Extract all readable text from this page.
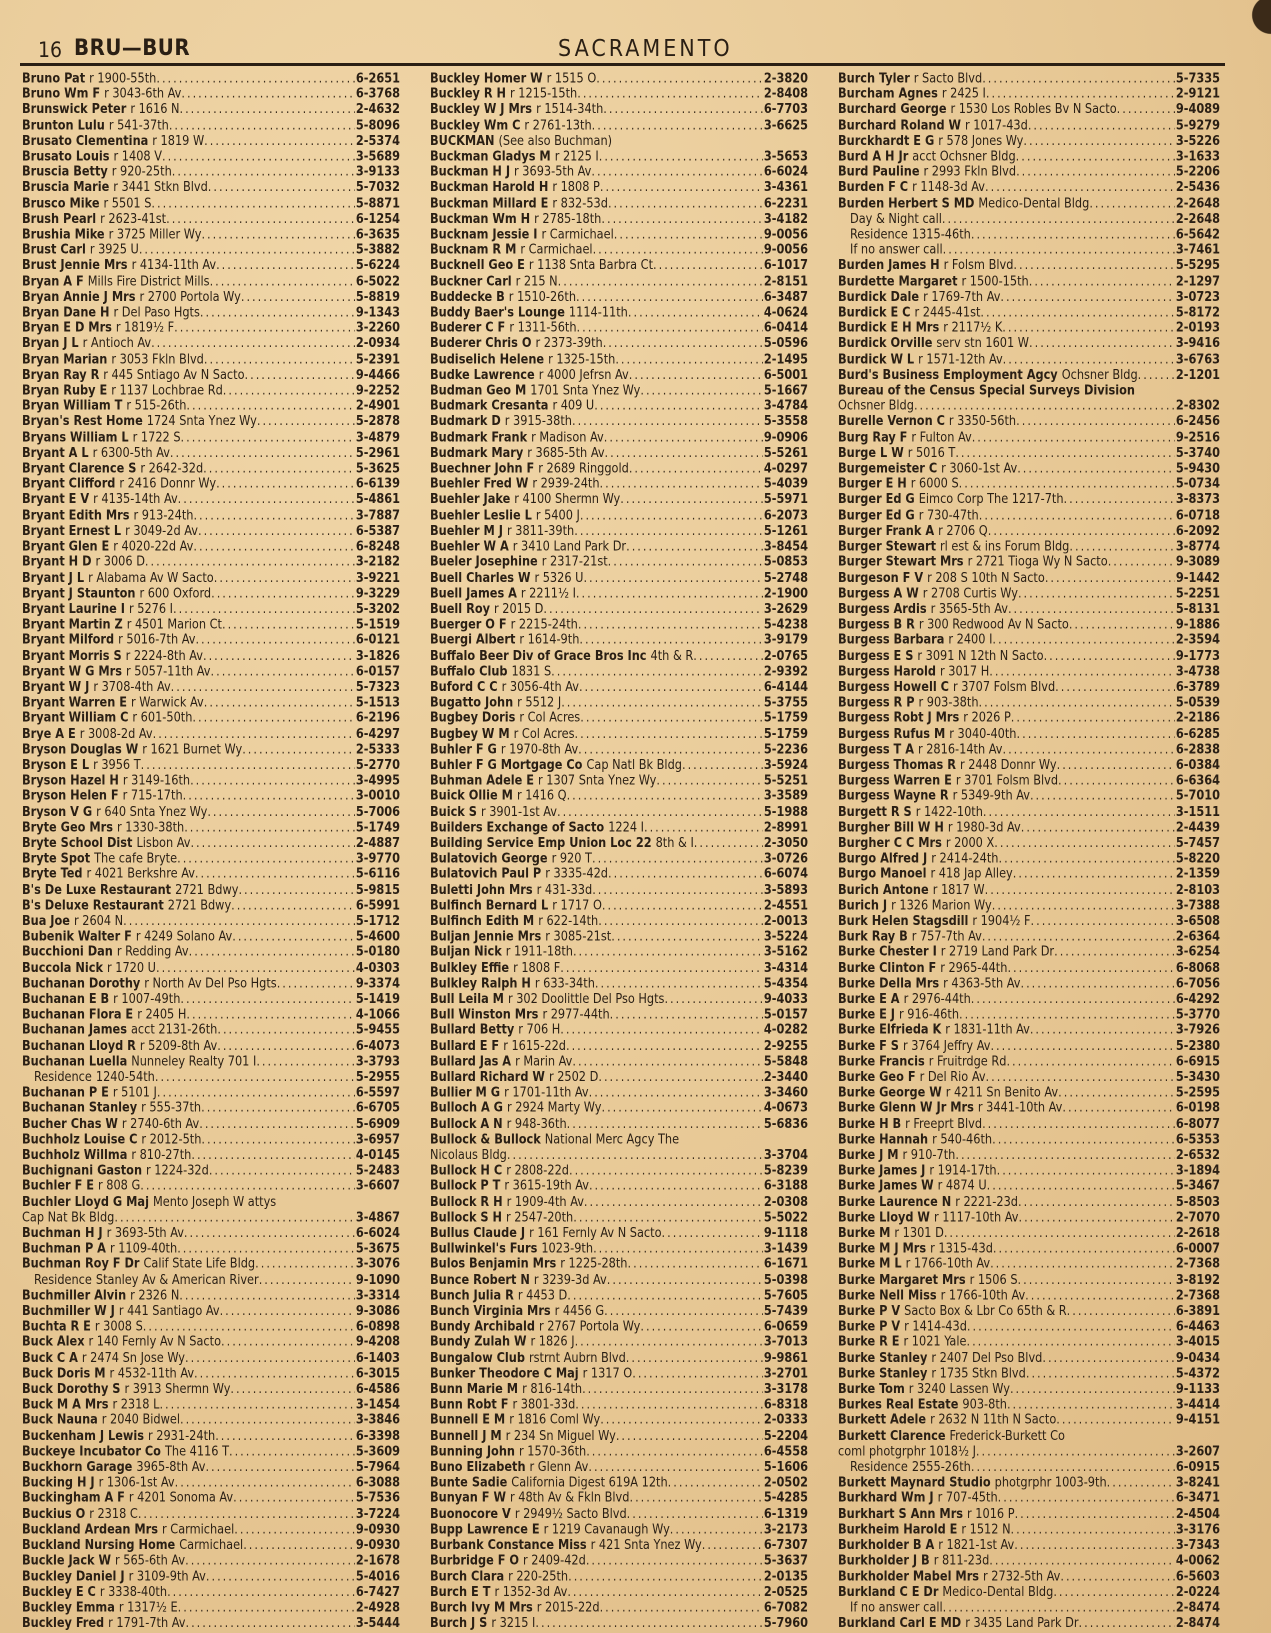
16 BRU—BUR	SACRAMENTO
Bruno Pat r 1900-55th .....	6-2651
Bruno Wm F r 3043-6th Av .....	6-3768
Brunswick Peter r 1616 N .....	2-4632
Brunton Lulu r 541-37th .....	5-8096
Brusato Clementina r 1819 W .....	2-5374
Brusato Louis r 1408 V .....	3-5689
Bruscia Betty r 920-25th .....	3-9133
Bruscia Marie r 3441 Stkn Blvd .....	5-7032
Brusco Mike r 5501 S .....	5-8871
Brush Pearl r 2623-41st .....	6-1254
Brushia Mike r 3725 Miller Wy .....	6-3635
Brust Carl r 3925 U .....	5-3882
Brust Jennie Mrs r 4134-11th Av .....	5-6224
Bryan A F Mills Fire District Mills .....	6-5022
Bryan Annie J Mrs r 2700 Portola Wy .....	5-8819
Bryan Dane H r Del Paso Hgts .....	9-1343
Bryan E D Mrs r 1819½ F .....	3-2260
Bryan J L r Antioch Av .....	2-0934
Bryan Marian r 3053 Fkln Blvd .....	5-2391
Bryan Ray R r 445 Sntiago Av N Sacto .....	9-4466
Bryan Ruby E r 1137 Lochbrae Rd .....	9-2252
Bryan William T r 515-26th .....	2-4901
Bryan's Rest Home 1724 Snta Ynez Wy .....	5-2878
Bryans William L r 1722 S .....	3-4879
Bryant A L r 6300-5th Av .....	5-2961
Bryant Clarence S r 2642-32d .....	5-3625
Bryant Clifford r 2416 Donnr Wy .....	6-6139
Bryant E V r 4135-14th Av .....	5-4861
Bryant Edith Mrs r 913-24th .....	3-7887
Bryant Ernest L r 3049-2d Av .....	6-5387
Bryant Glen E r 4020-22d Av .....	6-8248
Bryant H D r 3006 D .....	3-2182
Bryant J L r Alabama Av W Sacto .....	3-9221
Bryant J Staunton r 600 Oxford .....	9-3229
Bryant Laurine I r 5276 I .....	5-3202
Bryant Martin Z r 4501 Marion Ct .....	5-1519
Bryant Milford r 5016-7th Av .....	6-0121
Bryant Morris S r 2224-8th Av .....	3-1826
Bryant W G Mrs r 5057-11th Av .....	6-0157
Bryant W J r 3708-4th Av .....	5-7323
Bryant Warren E r Warwick Av .....	5-1513
Bryant William C r 601-50th .....	6-2196
Brye A E r 3008-2d Av .....	6-4297
Bryson Douglas W r 1621 Burnet Wy .....	2-5333
Bryson E L r 3956 T .....	5-2770
Bryson Hazel H r 3149-16th .....	3-4995
Bryson Helen F r 715-17th .....	3-0010
Bryson V G r 640 Snta Ynez Wy .....	5-7006
Bryte Geo Mrs r 1330-38th .....	5-1749
Bryte School Dist Lisbon Av .....	2-4887
Bryte Spot The cafe Bryte .....	3-9770
Bryte Ted r 4021 Berkshre Av .....	5-6116
B's De Luxe Restaurant 2721 Bdwy .....	5-9815
B's Deluxe Restaurant 2721 Bdwy .....	6-5991
Bua Joe r 2604 N .....	5-1712
Bubenik Walter F r 4249 Solano Av .....	5-4600
Bucchioni Dan r Redding Av .....	5-0180
Buccola Nick r 1720 U .....	4-0303
Buchanan Dorothy r North Av Del Pso Hgts .....	9-3374
Buchanan E B r 1007-49th .....	5-1419
Buchanan Flora E r 2405 H .....	4-1066
Buchanan James acct 2131-26th .....	5-9455
Buchanan Lloyd R r 5209-8th Av .....	6-4073
Buchanan Luella Nunneley Realty 701 I .....	3-3793
Residence 1240-54th .....	5-2955
Buchanan P E r 5101 J .....	6-5597
Buchanan Stanley r 555-37th .....	6-6705
Bucher Chas W r 2740-6th Av .....	5-6909
Buchholz Louise C r 2012-5th .....	3-6957
Buchholz Willma r 810-27th .....	4-0145
Buchignani Gaston r 1224-32d .....	5-2483
Buchler F E r 808 G .....	3-6607
Buchler Lloyd G Maj Mento Joseph W attys
Cap Nat Bk Bldg .....	3-4867
Buchman H J r 3693-5th Av .....	6-6024
Buchman P A r 1109-40th .....	5-3675
Buchman Roy F Dr Calif State Life Bldg .....	3-3076
Residence Stanley Av & American River .....	9-1090
Buchmiller Alvin r 2326 N .....	3-3314
Buchmiller W J r 441 Santiago Av .....	9-3086
Buchta R E r 3008 S .....	6-0898
Buck Alex r 140 Fernly Av N Sacto .....	9-4208
Buck C A r 2474 Sn Jose Wy .....	6-1403
Buck Doris M r 4532-11th Av .....	6-3015
Buck Dorothy S r 3913 Shermn Wy .....	6-4586
Buck M A Mrs r 2318 L .....	3-1454
Buck Nauna r 2040 Bidwel .....	3-3846
Buckenham J Lewis r 2931-24th .....	6-3398
Buckeye Incubator Co The 4116 T .....	5-3609
Buckhorn Garage 3965-8th Av .....	5-7964
Bucking H J r 1306-1st Av .....	6-3088
Buckingham A F r 4201 Sonoma Av .....	5-7536
Buckius O r 2318 C .....	3-7224
Buckland Ardean Mrs r Carmichael .....	9-0930
Buckland Nursing Home Carmichael .....	9-0930
Buckle Jack W r 565-6th Av .....	2-1678
Buckley Daniel J r 3109-9th Av .....	5-4016
Buckley E C r 3338-40th .....	6-7427
Buckley Emma r 1317½ E .....	2-4928
Buckley Fred r 1791-7th Av .....	3-5444
Buckley Homer W r 1515 O .....	2-3820
Buckley R H r 1215-15th .....	2-8408
Buckley W J Mrs r 1514-34th .....	6-7703
Buckley Wm C r 2761-13th .....	3-6625
BUCKMAN (See also Buchman)
Buckman Gladys M r 2125 I .....	3-5653
Buckman H J r 3693-5th Av .....	6-6024
Buckman Harold H r 1808 P .....	3-4361
Buckman Millard E r 832-53d .....	6-2231
Buckman Wm H r 2785-18th .....	3-4182
Bucknam Jessie I r Carmichael .....	9-0056
Bucknam R M r Carmichael .....	9-0056
Bucknell Geo E r 1138 Snta Barbra Ct .....	6-1017
Buckner Carl r 215 N .....	2-8151
Buddecke B r 1510-26th .....	6-3487
Buddy Baer's Lounge 1114-11th .....	4-0624
Buderer C F r 1311-56th .....	6-0414
Buderer Chris O r 2373-39th .....	5-0596
Budiselich Helene r 1325-15th .....	2-1495
Budke Lawrence r 4000 Jefrsn Av .....	6-5001
Budman Geo M 1701 Snta Ynez Wy .....	5-1667
Budmark Cresanta r 409 U .....	3-4784
Budmark D r 3915-38th .....	5-3558
Budmark Frank r Madison Av .....	9-0906
Budmark Mary r 3685-5th Av .....	5-5261
Buechner John F r 2689 Ringgold .....	4-0297
Buehler Fred W r 2939-24th .....	5-4039
Buehler Jake r 4100 Shermn Wy .....	5-5971
Buehler Leslie L r 5400 J .....	6-2073
Buehler M J r 3811-39th .....	5-1261
Buehler W A r 3410 Land Park Dr .....	3-8454
Bueler Josephine r 2317-21st .....	5-0853
Buell Charles W r 5326 U .....	5-2748
Buell James A r 2211½ I .....	2-1900
Buell Roy r 2015 D .....	3-2629
Buerger O F r 2215-24th .....	5-4238
Buergi Albert r 1614-9th .....	3-9179
Buffalo Beer Div of Grace Bros Inc 4th & R .....	2-0765
Buffalo Club 1831 S .....	2-9392
Buford C C r 3056-4th Av .....	6-4144
Bugatto John r 5512 J .....	5-3755
Bugbey Doris r Col Acres .....	5-1759
Bugbey W M r Col Acres .....	5-1759
Buhler F G r 1970-8th Av .....	5-2236
Buhler F G Mortgage Co Cap Natl Bk Bldg .....	3-5924
Buhman Adele E r 1307 Snta Ynez Wy .....	5-5251
Buick Ollie M r 1416 Q .....	3-3589
Buick S r 3901-1st Av .....	5-1988
Builders Exchange of Sacto 1224 I .....	2-8991
Building Service Emp Union Loc 22 8th & I .....	2-3050
Bulatovich George r 920 T .....	3-0726
Bulatovich Paul P r 3335-42d .....	6-6074
Buletti John Mrs r 431-33d .....	3-5893
Bulfinch Bernard L r 1717 O .....	2-4551
Bulfinch Edith M r 622-14th .....	2-0013
Buljan Jennie Mrs r 3085-21st .....	3-5224
Buljan Nick r 1911-18th .....	3-5162
Bulkley Effie r 1808 F .....	3-4314
Bulkley Ralph H r 633-34th .....	5-4354
Bull Leila M r 302 Doolittle Del Pso Hgts .....	9-4033
Bull Winston Mrs r 2977-44th .....	5-0157
Bullard Betty r 706 H .....	4-0282
Bullard E F r 1615-22d .....	2-9255
Bullard Jas A r Marin Av .....	5-5848
Bullard Richard W r 2502 D .....	2-3440
Bullier M G r 1701-11th Av .....	3-3460
Bulloch A G r 2924 Marty Wy .....	4-0673
Bullock A N r 948-36th .....	5-6836
Bullock & Bullock National Merc Agcy The
Nicolaus Bldg .....	3-3704
Bullock H C r 2808-22d .....	5-8239
Bullock P T r 3615-19th Av .....	6-3188
Bullock R H r 1909-4th Av .....	2-0308
Bullock S H r 2547-20th .....	5-5022
Bullus Claude J r 161 Fernly Av N Sacto .....	9-1118
Bullwinkel's Furs 1023-9th .....	3-1439
Bulos Benjamin Mrs r 1225-28th .....	6-1671
Bunce Robert N r 3239-3d Av .....	5-0398
Bunch Julia R r 4453 D .....	5-7605
Bunch Virginia Mrs r 4456 G .....	5-7439
Bundy Archibald r 2767 Portola Wy .....	6-0659
Bundy Zulah W r 1826 J .....	3-7013
Bungalow Club rstrnt Aubrn Blvd .....	9-9861
Bunker Theodore C Maj r 1317 O .....	3-2701
Bunn Marie M r 816-14th .....	3-3178
Bunn Robt F r 3801-33d .....	6-8318
Bunnell E M r 1816 Coml Wy .....	2-0333
Bunnell J M r 234 Sn Miguel Wy .....	5-2204
Bunning John r 1570-36th .....	6-4558
Buno Elizabeth r Glenn Av .....	5-1606
Bunte Sadie California Digest 619A 12th .....	2-0502
Bunyan F W r 48th Av & Fkln Blvd .....	5-4285
Buonocore V r 2949½ Sacto Blvd .....	6-1319
Bupp Lawrence E r 1219 Cavanaugh Wy .....	3-2173
Burbank Constance Miss r 421 Snta Ynez Wy .....	6-7307
Burbridge F O r 2409-42d .....	5-3637
Burch Clara r 220-25th .....	2-0135
Burch E T r 1352-3d Av .....	2-0525
Burch Ivy M Mrs r 2015-22d .....	6-7082
Burch J S r 3215 I .....	5-7960
Burch Tyler r Sacto Blvd .....	5-7335
Burcham Agnes r 2425 I .....	2-9121
Burchard George r 1530 Los Robles Bv N Sacto .....	9-4089
Burchard Roland W r 1017-43d .....	5-9279
Burckhardt E G r 578 Jones Wy .....	3-5226
Burd A H Jr acct Ochsner Bldg .....	3-1633
Burd Pauline r 2993 Fkln Blvd .....	5-2206
Burden F C r 1148-3d Av .....	2-5436
Burden Herbert S MD Medico-Dental Bldg .....	2-2648
Day & Night call .....	2-2648
Residence 1315-46th .....	6-5642
If no answer call .....	3-7461
Burden James H r Folsm Blvd .....	5-5295
Burdette Margaret r 1500-15th .....	2-1297
Burdick Dale r 1769-7th Av .....	3-0723
Burdick E C r 2445-41st .....	5-8172
Burdick E H Mrs r 2117½ K .....	2-0193
Burdick Orville serv stn 1601 W .....	3-9416
Burdick W L r 1571-12th Av .....	3-6763
Burd's Business Employment Agcy Ochsner Bldg .....	2-1201
Bureau of the Census Special Surveys Division
Ochsner Bldg .....	2-8302
Burelle Vernon C r 3350-56th .....	6-2456
Burg Ray F r Fulton Av .....	9-2516
Burge L W r 5016 T .....	5-3740
Burgemeister C r 3060-1st Av .....	5-9430
Burger E H r 6000 S .....	5-0734
Burger Ed G Eimco Corp The 1217-7th .....	3-8373
Burger Ed G r 730-47th .....	6-0718
Burger Frank A r 2706 Q .....	6-2092
Burger Stewart rl est & ins Forum Bldg .....	3-8774
Burger Stewart Mrs r 2721 Tioga Wy N Sacto .....	9-3089
Burgeson F V r 208 S 10th N Sacto .....	9-1442
Burgess A W r 2708 Curtis Wy .....	5-2251
Burgess Ardis r 3565-5th Av .....	5-8131
Burgess B R r 300 Redwood Av N Sacto .....	9-1886
Burgess Barbara r 2400 I .....	2-3594
Burgess E S r 3091 N 12th N Sacto .....	9-1773
Burgess Harold r 3017 H .....	3-4738
Burgess Howell C r 3707 Folsm Blvd .....	6-3789
Burgess R P r 903-38th .....	5-0539
Burgess Robt J Mrs r 2026 P .....	2-2186
Burgess Rufus M r 3040-40th .....	6-6285
Burgess T A r 2816-14th Av .....	6-2838
Burgess Thomas R r 2448 Donnr Wy .....	6-0384
Burgess Warren E r 3701 Folsm Blvd .....	6-6364
Burgess Wayne R r 5349-9th Av .....	5-7010
Burgett R S r 1422-10th .....	3-1511
Burgher Bill W H r 1980-3d Av .....	2-4439
Burgher C C Mrs r 2000 X .....	5-7457
Burgo Alfred J r 2414-24th .....	5-8220
Burgo Manoel r 418 Jap Alley .....	2-1359
Burich Antone r 1817 W .....	2-8103
Burich J r 1326 Marion Wy .....	3-7388
Burk Helen Stagsdill r 1904½ F .....	3-6508
Burk Ray B r 757-7th Av .....	2-6364
Burke Chester I r 2719 Land Park Dr .....	3-6254
Burke Clinton F r 2965-44th .....	6-8068
Burke Della Mrs r 4363-5th Av .....	6-7056
Burke E A r 2976-44th .....	6-4292
Burke E J r 916-46th .....	5-3770
Burke Elfrieda K r 1831-11th Av .....	3-7926
Burke F S r 3764 Jeffry Av .....	5-2380
Burke Francis r Fruitrdge Rd .....	6-6915
Burke Geo F r Del Rio Av .....	5-3430
Burke George W r 4211 Sn Benito Av .....	5-2595
Burke Glenn W Jr Mrs r 3441-10th Av .....	6-0198
Burke H B r Freeprt Blvd .....	6-8077
Burke Hannah r 540-46th .....	6-5353
Burke J M r 910-7th .....	2-6532
Burke James J r 1914-17th .....	3-1894
Burke James W r 4874 U .....	5-3467
Burke Laurence N r 2221-23d .....	5-8503
Burke Lloyd W r 1117-10th Av .....	2-7070
Burke M r 1301 D .....	2-2618
Burke M J Mrs r 1315-43d .....	6-0007
Burke M L r 1766-10th Av .....	2-7368
Burke Margaret Mrs r 1506 S .....	3-8192
Burke Nell Miss r 1766-10th Av .....	2-7368
Burke P V Sacto Box & Lbr Co 65th & R .....	6-3891
Burke P V r 1414-43d .....	6-4463
Burke R E r 1021 Yale .....	3-4015
Burke Stanley r 2407 Del Pso Blvd .....	9-0434
Burke Stanley r 1735 Stkn Blvd .....	5-4372
Burke Tom r 3240 Lassen Wy .....	9-1133
Burkes Real Estate 903-8th .....	3-4414
Burkett Adele r 2632 N 11th N Sacto .....	9-4151
Burkett Clarence Frederick-Burkett Co
coml photgrphr 1018½ J .....	3-2607
Residence 2555-26th .....	6-0915
Burkett Maynard Studio photgrphr 1003-9th .....	3-8241
Burkhard Wm J r 707-45th .....	6-3471
Burkhart S Ann Mrs r 1016 P .....	2-4504
Burkheim Harold E r 1512 N .....	3-3176
Burkholder B A r 1821-1st Av .....	3-7343
Burkholder J B r 811-23d .....	4-0062
Burkholder Mabel Mrs r 2732-5th Av .....	6-5603
Burkland C E Dr Medico-Dental Bldg .....	2-0224
If no answer call .....	2-8474
Burkland Carl E MD r 3435 Land Park Dr .....	2-8474
